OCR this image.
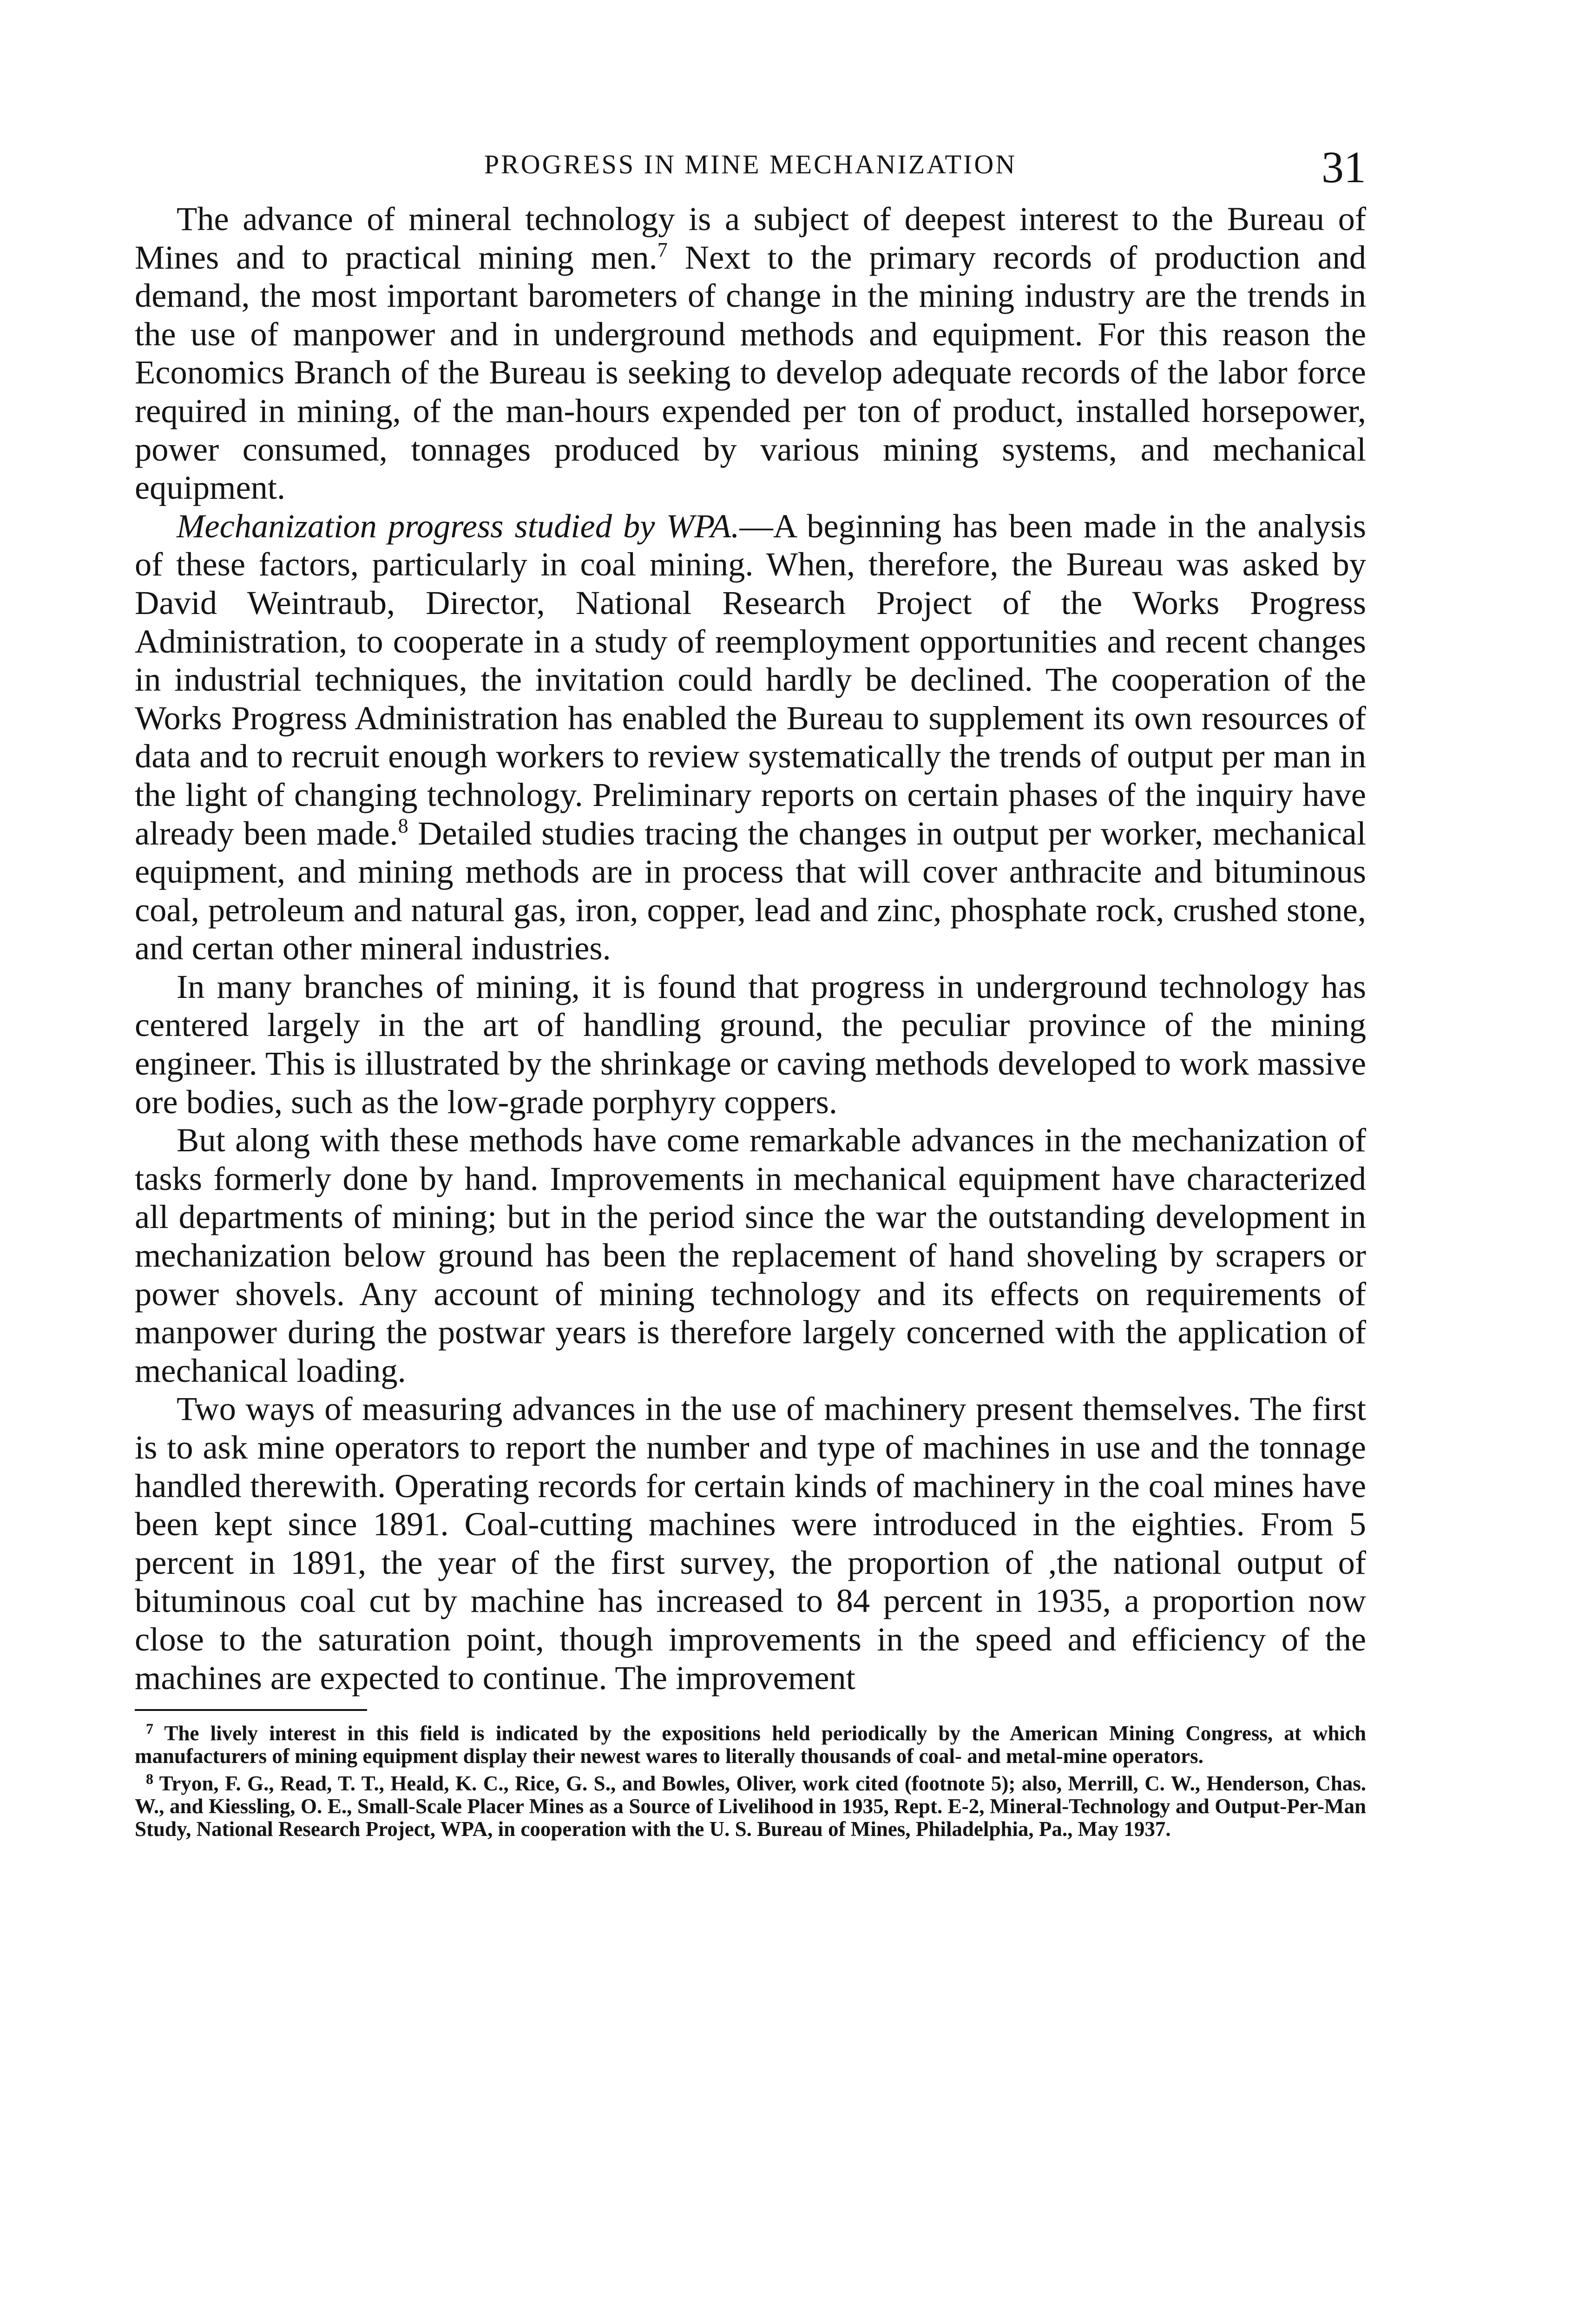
PROGRESS IN MINE MECHANIZATION	31

The advance of mineral technology is a subject of deepest interest to the Bureau of Mines and to practical mining men.$^7$ Next to the primary records of production and demand, the most important barometers of change in the mining industry are the trends in the use of manpower and in underground methods and equipment. For this reason the Economics Branch of the Bureau is seeking to develop adequate records of the labor force required in mining, of the man-hours expended per ton of product, installed horsepower, power consumed, tonnages produced by various mining systems, and mechanical equipment.

Mechanization progress studied by WPA.—A beginning has been made in the analysis of these factors, particularly in coal mining. When, therefore, the Bureau was asked by David Weintraub, Director, National Research Project of the Works Progress Administration, to cooperate in a study of reemployment opportunities and recent changes in industrial techniques, the invitation could hardly be declined. The cooperation of the Works Progress Administration has enabled the Bureau to supplement its own resources of data and to recruit enough workers to review systematically the trends of output per man in the light of changing technology. Preliminary reports on certain phases of the inquiry have already been made.$^8$ Detailed studies tracing the changes in output per worker, mechanical equipment, and mining methods are in process that will cover anthracite and bituminous coal, petroleum and natural gas, iron, copper, lead and zinc, phosphate rock, crushed stone, and certan other mineral industries.

In many branches of mining, it is found that progress in underground technology has centered largely in the art of handling ground, the peculiar province of the mining engineer. This is illustrated by the shrinkage or caving methods developed to work massive ore bodies, such as the low-grade porphyry coppers.

But along with these methods have come remarkable advances in the mechanization of tasks formerly done by hand. Improvements in mechanical equipment have characterized all departments of mining; but in the period since the war the outstanding development in mechanization below ground has been the replacement of hand shoveling by scrapers or power shovels. Any account of mining technology and its effects on requirements of manpower during the postwar years is therefore largely concerned with the application of mechanical loading.

Two ways of measuring advances in the use of machinery present themselves. The first is to ask mine operators to report the number and type of machines in use and the tonnage handled therewith. Operating records for certain kinds of machinery in the coal mines have been kept since 1891. Coal-cutting machines were introduced in the eighties. From 5 percent in 1891, the year of the first survey, the proportion of ,the national output of bituminous coal cut by machine has increased to 84 percent in 1935, a proportion now close to the saturation point, though improvements in the speed and efficiency of the machines are expected to continue. The improvement

$^7$ The lively interest in this field is indicated by the expositions held periodically by the American Mining Congress, at which manufacturers of mining equipment display their newest wares to literally thousands of coal- and metal-mine operators.

$^8$ Tryon, F. G., Read, T. T., Heald, K. C., Rice, G. S., and Bowles, Oliver, work cited (footnote 5); also, Merrill, C. W., Henderson, Chas. W., and Kiessling, O. E., Small-Scale Placer Mines as a Source of Livelihood in 1935, Rept. E-2, Mineral-Technology and Output-Per-Man Study, National Research Project, WPA, in cooperation with the U. S. Bureau of Mines, Philadelphia, Pa., May 1937.
